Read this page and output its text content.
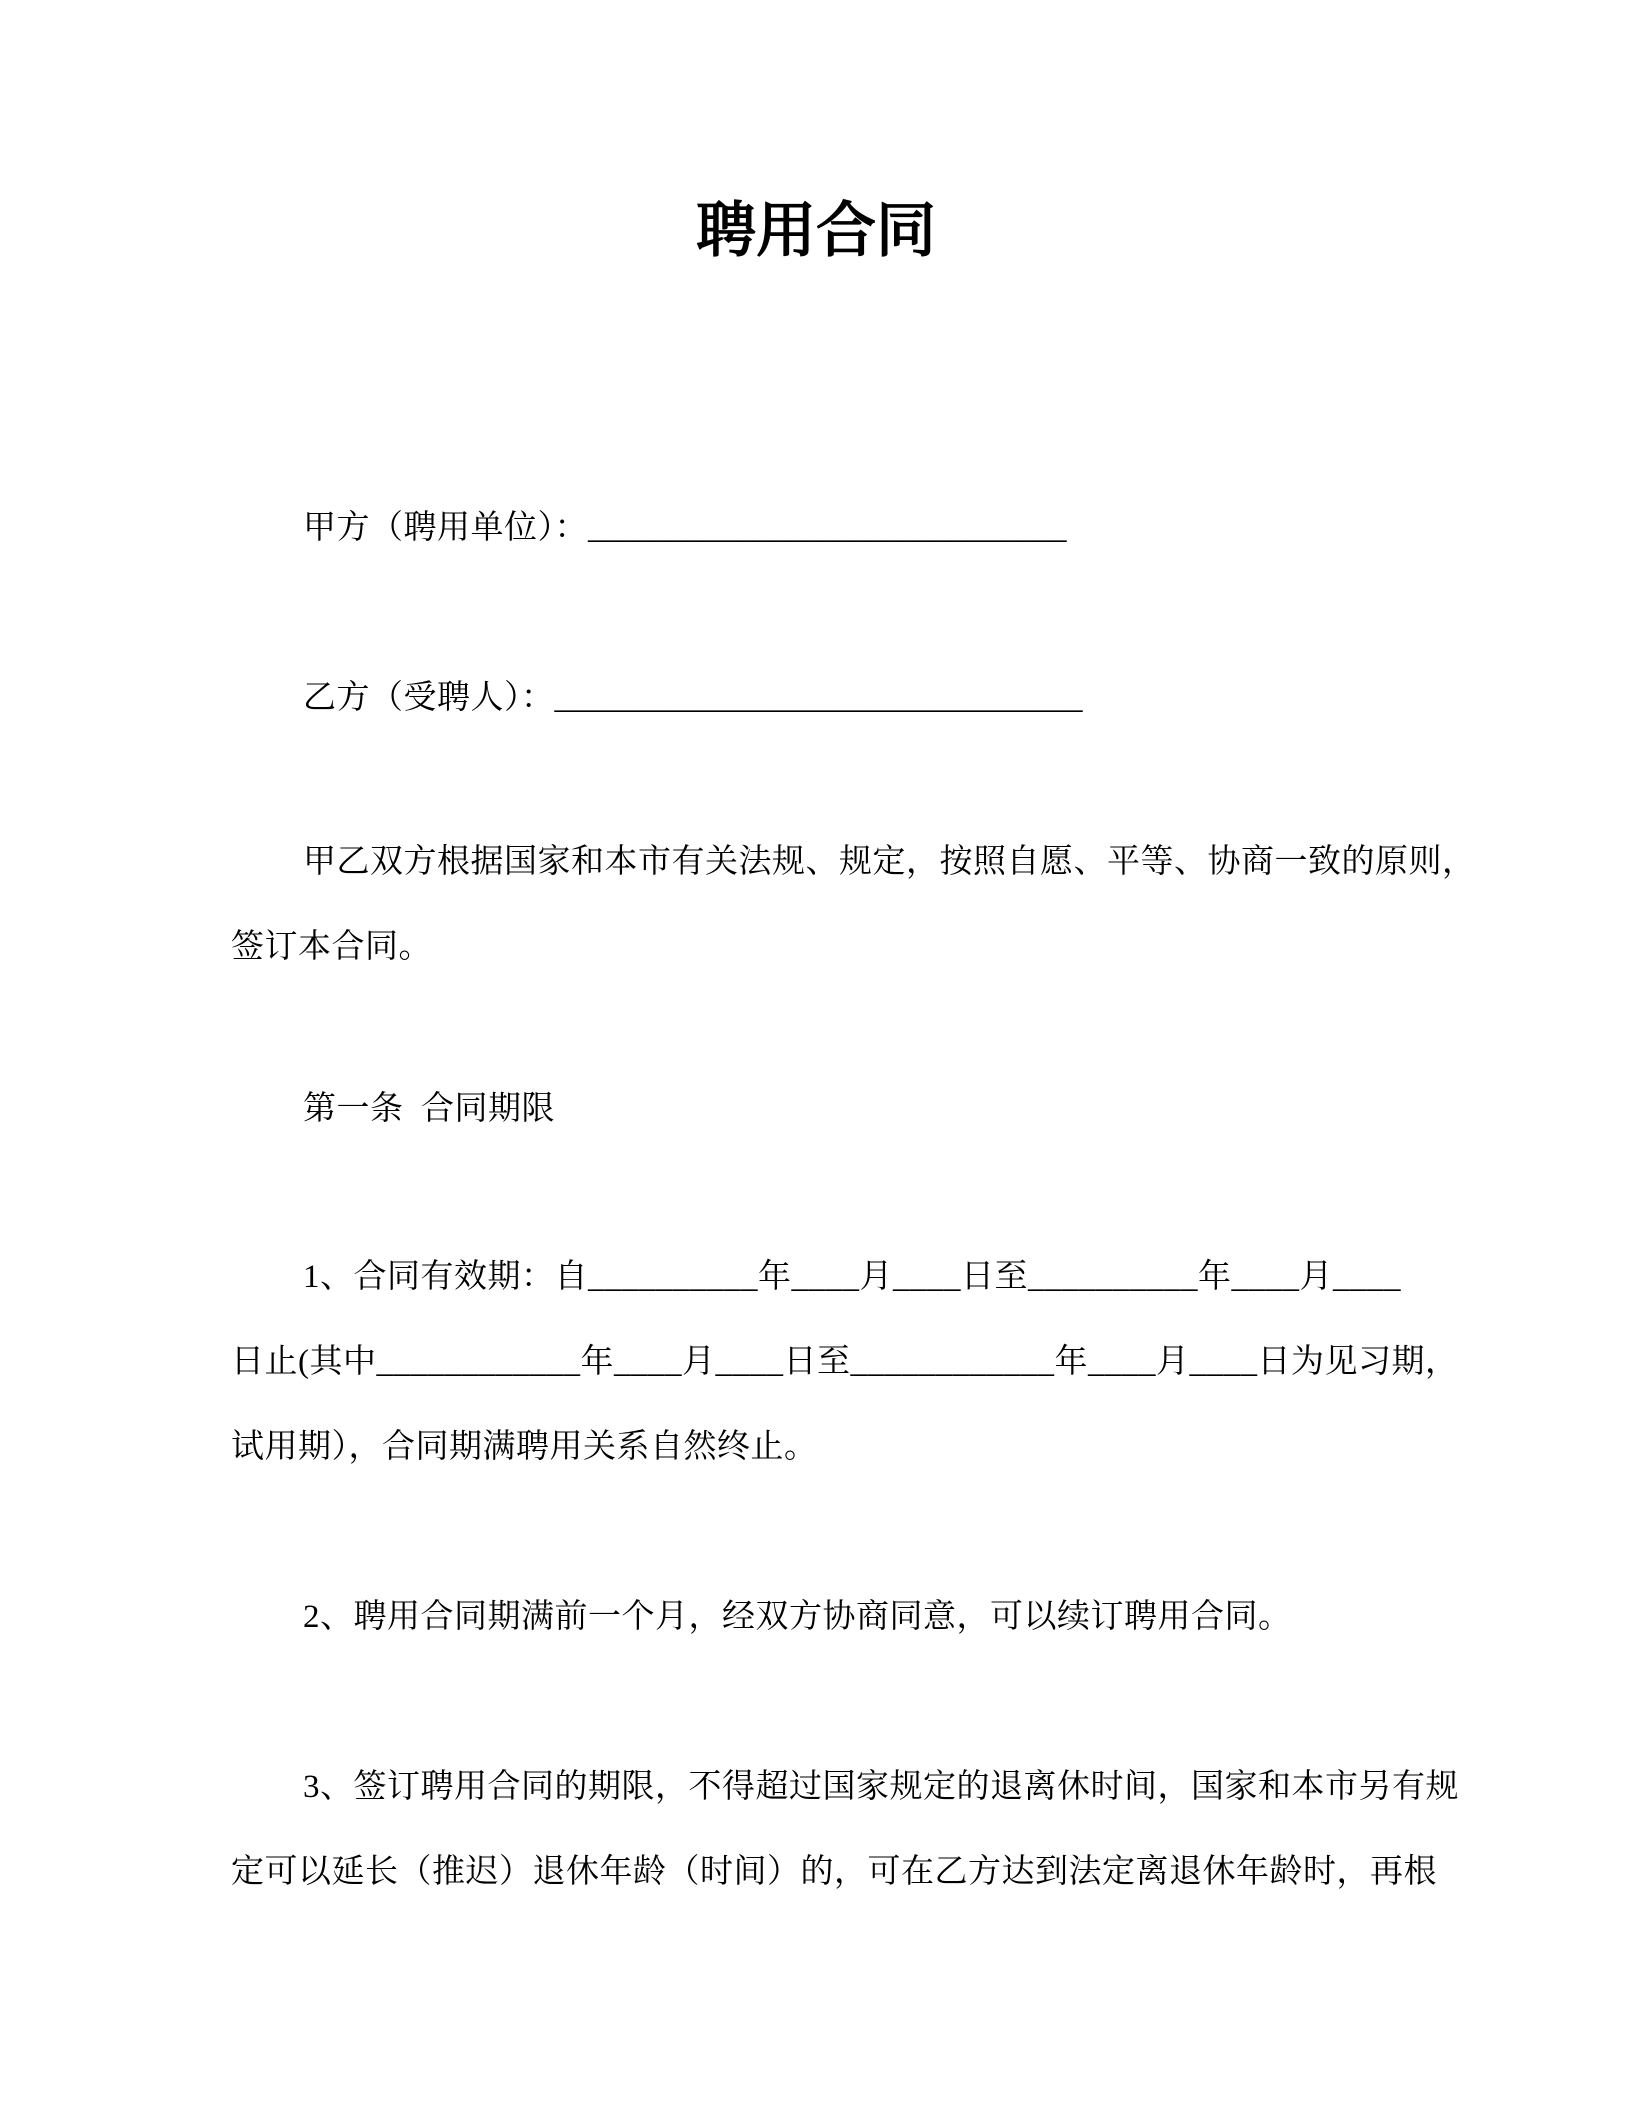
聘用合同

甲方（聘用单位）：_____________________________

乙方（受聘人）：________________________________

甲乙双方根据国家和本市有关法规、规定，按照自愿、平等、协商一致的原则，

签订本合同。

第一条  合同期限

1、合同有效期：自__________年____月____日至__________年____月____

日止(其中____________年____月____日至____________年____月____日为见习期，

试用期），合同期满聘用关系自然终止。

2、聘用合同期满前一个月，经双方协商同意，可以续订聘用合同。

3、签订聘用合同的期限，不得超过国家规定的退离休时间，国家和本市另有规

定可以延长（推迟）退休年龄（时间）的，可在乙方达到法定离退休年龄时，再根
